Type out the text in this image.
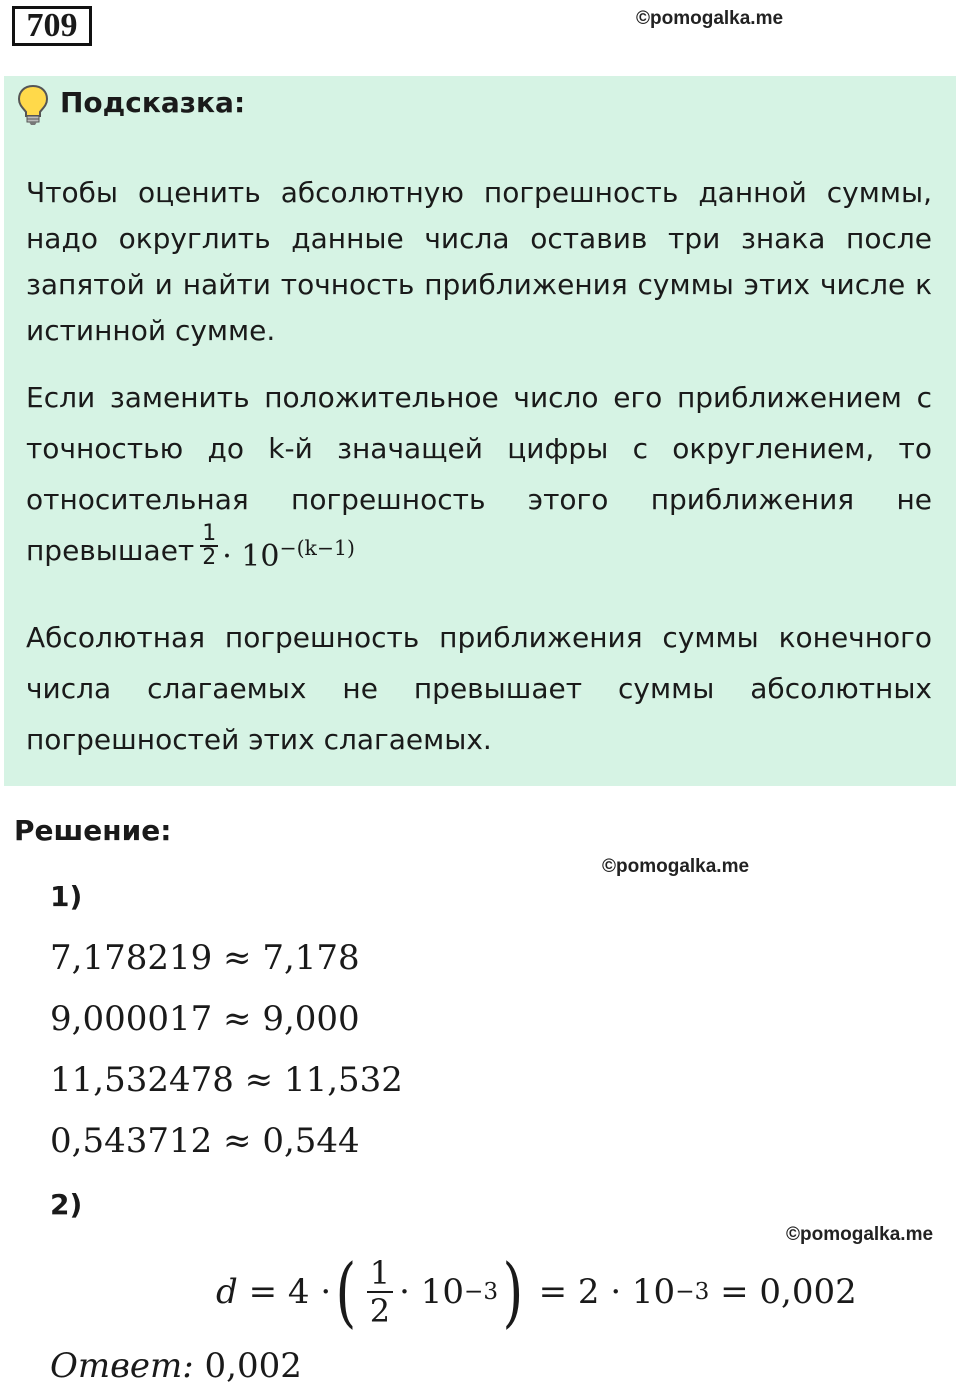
709	©pomogalka.me
Подсказка:

Чтобы оценить абсолютную погрешность данной суммы, надо округлить данные числа оставив три знака после запятой и найти точность приближения суммы этих числе к истинной сумме.

Если заменить положительное число его приближением с точностью до k-й значащей цифры с округлением, то относительная погрешность этого приближения не превышает $\frac{1}{2} \cdot 10^{-(k-1)}$

Абсолютная погрешность приближения суммы конечного числа слагаемых не превышает суммы абсолютных погрешностей этих слагаемых.

Решение:
©pomogalka.me
1)
7,178219 ≈ 7,178
9,000017 ≈ 9,000
11,532478 ≈ 11,532
0,543712 ≈ 0,544
2)
©pomogalka.me
d
= 4 · ( $\frac{1}{2} \cdot 10 -3$ )
= 2 · 10 −3
= 0,002
Ответ: 0,002
